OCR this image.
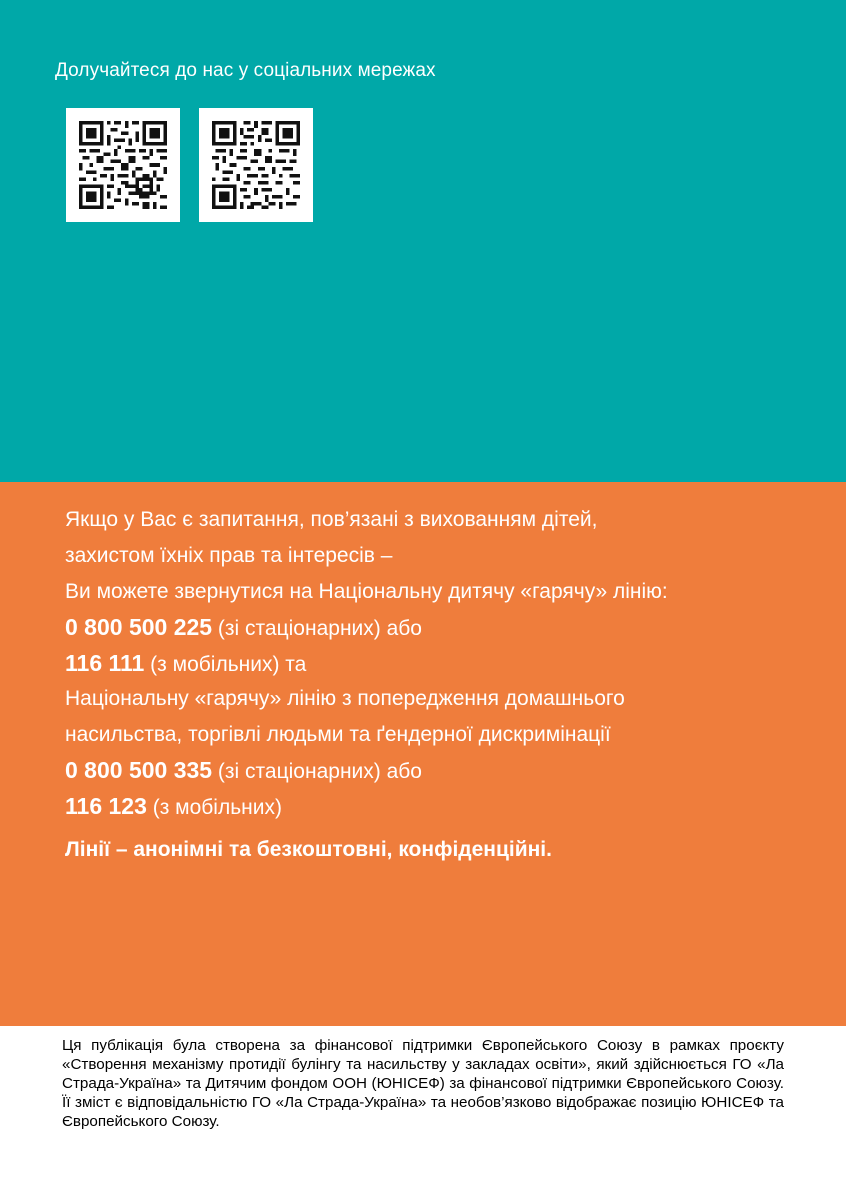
Долучайтеся до нас у соціальних мережах
Якщо у Вас є запитання, пов’язані з вихованням дітей,
захистом їхніх прав та інтересів –
Ви можете звернутися на Національну дитячу «гарячу» лінію:
0 800 500 225 (зі стаціонарних) або
116 111 (з мобільних) та
Національну «гарячу» лінію з попередження домашнього
насильства, торгівлі людьми та ґендерної дискримінації
0 800 500 335 (зі стаціонарних) або
116 123 (з мобільних)
Лінії – анонімні та безкоштовні, конфіденційні.
Ця публікація була створена за фінансової підтримки Європейського Союзу в рамках проєкту «Створення механізму протидії булінгу та насильству у закладах освіти», який здійснюється ГО «Ла Страда-Україна» та Дитячим фондом ООН (ЮНІСЕФ) за фінансової підтримки Європейського Союзу. Її зміст є відповідальністю ГО «Ла Страда-Україна» та необов’язково відображає позицію ЮНІСЕФ та Європейського Союзу.
